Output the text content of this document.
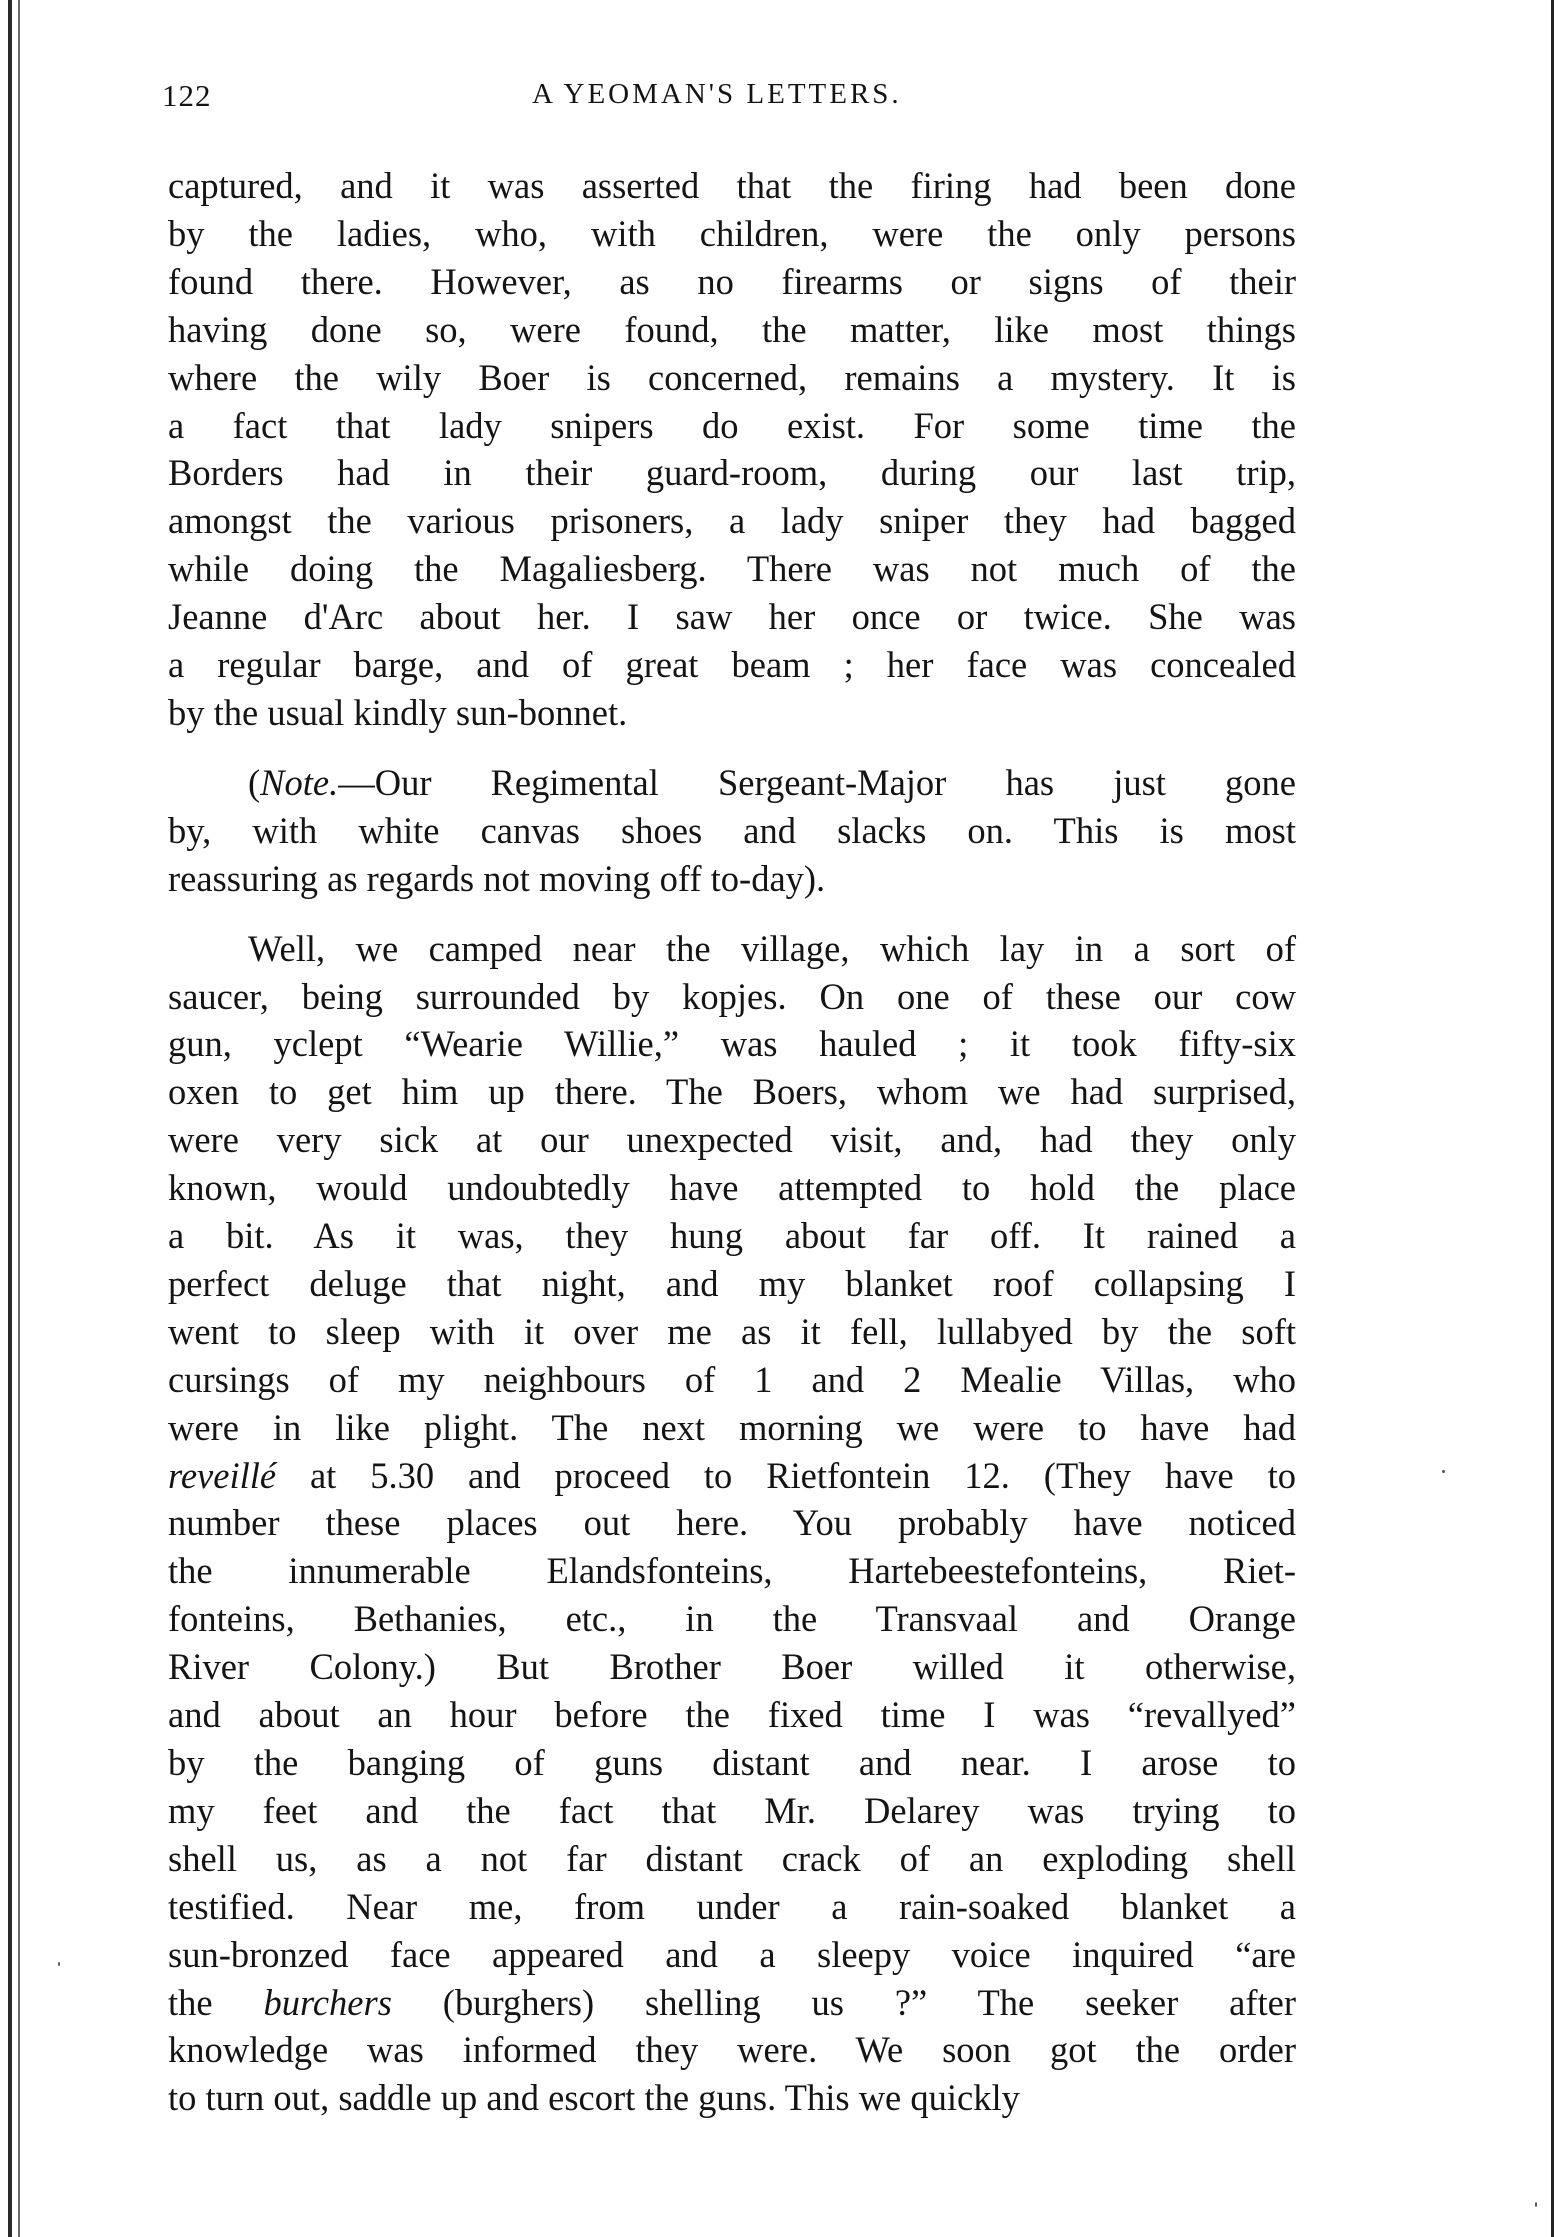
122	A YEOMAN'S LETTERS.

captured, and it was asserted that the firing had been done
by the ladies, who, with children, were the only persons
found there. However, as no firearms or signs of their
having done so, were found, the matter, like most things
where the wily Boer is concerned, remains a mystery. It is
a fact that lady snipers do exist. For some time the
Borders had in their guard-room, during our last trip,
amongst the various prisoners, a lady sniper they had bagged
while doing the Magaliesberg. There was not much of the
Jeanne d'Arc about her. I saw her once or twice. She was
a regular barge, and of great beam ; her face was concealed
by the usual kindly sun-bonnet.

(Note.—Our Regimental Sergeant-Major has just gone
by, with white canvas shoes and slacks on. This is most
reassuring as regards not moving off to-day).

Well, we camped near the village, which lay in a sort of
saucer, being surrounded by kopjes. On one of these our cow
gun, yclept “Wearie Willie,” was hauled ; it took fifty-six
oxen to get him up there. The Boers, whom we had surprised,
were very sick at our unexpected visit, and, had they only
known, would undoubtedly have attempted to hold the place
a bit. As it was, they hung about far off. It rained a
perfect deluge that night, and my blanket roof collapsing I
went to sleep with it over me as it fell, lullabyed by the soft
cursings of my neighbours of 1 and 2 Mealie Villas, who
were in like plight. The next morning we were to have had
reveillé at 5.30 and proceed to Rietfontein 12. (They have to
number these places out here. You probably have noticed
the innumerable Elandsfonteins, Hartebeestefonteins, Riet-
fonteins, Bethanies, etc., in the Transvaal and Orange
River Colony.) But Brother Boer willed it otherwise,
and about an hour before the fixed time I was “revallyed”
by the banging of guns distant and near. I arose to
my feet and the fact that Mr. Delarey was trying to
shell us, as a not far distant crack of an exploding shell
testified. Near me, from under a rain-soaked blanket a
sun-bronzed face appeared and a sleepy voice inquired “are
the burchers (burghers) shelling us ?” The seeker after
knowledge was informed they were. We soon got the order
to turn out, saddle up and escort the guns. This we quickly
